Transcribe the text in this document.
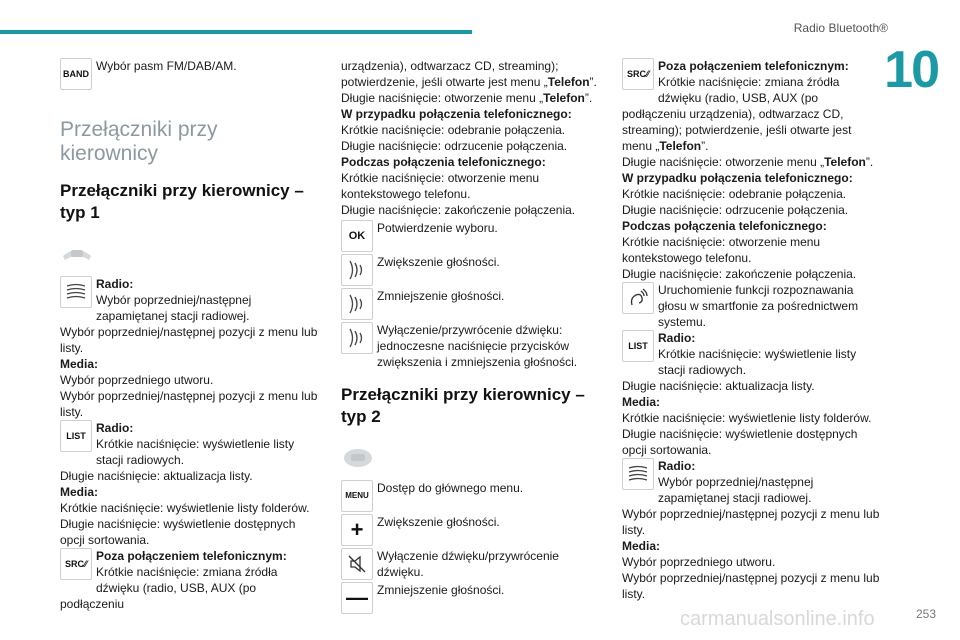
Radio Bluetooth®
10
BAND

Wybór pasm FM/DAB/AM.

Przełączniki przy kierownicy
Przełączniki przy kierownicy – typ 1

Radio:

Wybór poprzedniej/następnej zapamiętanej stacji radiowej.

Wybór poprzedniej/następnej pozycji z menu lub listy.

Media:

Wybór poprzedniego utworu.

Wybór poprzedniej/następnej pozycji z menu lub listy.

LIST

Radio:

Krótkie naciśnięcie: wyświetlenie listy stacji radiowych.

Długie naciśnięcie: aktualizacja listy.

Media:

Krótkie naciśnięcie: wyświetlenie listy folderów.

Długie naciśnięcie: wyświetlenie dostępnych opcji sortowania.

SRC ⁄⁄

Poza połączeniem telefonicznym:

Krótkie naciśnięcie: zmiana źródła dźwięku (radio, USB, AUX (po podłączeniu

urządzenia), odtwarzacz CD, streaming); potwierdzenie, jeśli otwarte jest menu „Telefon”.

Długie naciśnięcie: otworzenie menu „Telefon”.

W przypadku połączenia telefonicznego:

Krótkie naciśnięcie: odebranie połączenia.

Długie naciśnięcie: odrzucenie połączenia.

Podczas połączenia telefonicznego:

Krótkie naciśnięcie: otworzenie menu kontekstowego telefonu.

Długie naciśnięcie: zakończenie połączenia.

OK

Potwierdzenie wyboru.

Zwiększenie głośności.

Zmniejszenie głośności.

Wyłączenie/przywrócenie dźwięku: jednoczesne naciśnięcie przycisków zwiększenia i zmniejszenia głośności.

Przełączniki przy kierownicy – typ 2
MENU

Dostęp do głównego menu.

+	Zwiększenie głośności.

Wyłączenie dźwięku/przywrócenie dźwięku.

— Zmniejszenie głośności.

SRC ⁄⁄

Poza połączeniem telefonicznym:

Krótkie naciśnięcie: zmiana źródła dźwięku (radio, USB, AUX (po podłączeniu urządzenia), odtwarzacz CD, streaming); potwierdzenie, jeśli otwarte jest menu „Telefon”.

Długie naciśnięcie: otworzenie menu „Telefon”.

W przypadku połączenia telefonicznego:

Krótkie naciśnięcie: odebranie połączenia.

Długie naciśnięcie: odrzucenie połączenia.

Podczas połączenia telefonicznego:

Krótkie naciśnięcie: otworzenie menu kontekstowego telefonu.

Długie naciśnięcie: zakończenie połączenia.

Uruchomienie funkcji rozpoznawania głosu w smartfonie za pośrednictwem systemu.

LIST

Radio:

Krótkie naciśnięcie: wyświetlenie listy stacji radiowych.

Długie naciśnięcie: aktualizacja listy.

Media:

Krótkie naciśnięcie: wyświetlenie listy folderów.

Długie naciśnięcie: wyświetlenie dostępnych opcji sortowania.

Radio:

Wybór poprzedniej/następnej zapamiętanej stacji radiowej.

Wybór poprzedniej/następnej pozycji z menu lub listy.

Media:

Wybór poprzedniego utworu.

Wybór poprzedniej/następnej pozycji z menu lub listy.

carmanualsonline.info	253
